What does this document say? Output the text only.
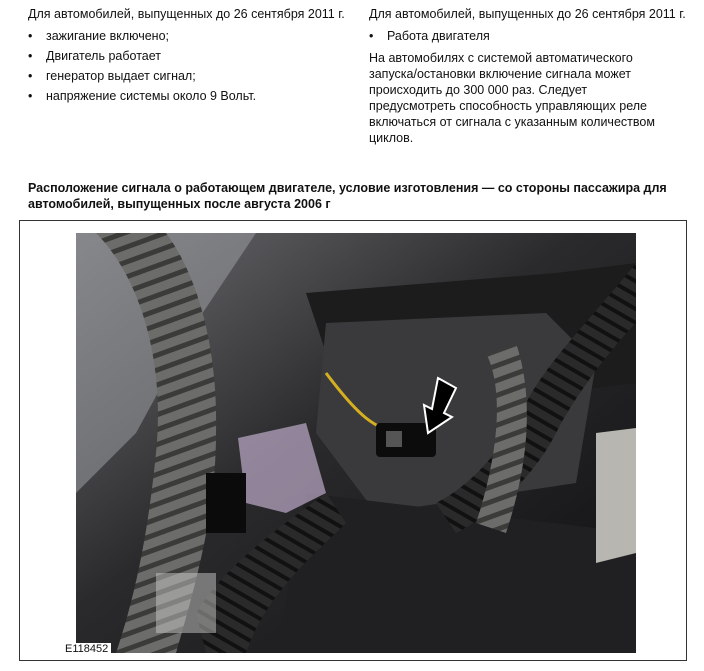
Для автомобилей, выпущенных до 26 сентября 2011 г.
• зажигание включено;
• Двигатель работает
• генератор выдает сигнал;
• напряжение системы около 9 Вольт.
Для автомобилей, выпущенных до 26 сентября 2011 г.
• Работа двигателя

На автомобилях с системой автоматического запуска/остановки включение сигнала может происходить до 300 000 раз. Следует предусмотреть способность управляющих реле включаться от сигнала с указанным количеством циклов.

Расположение сигнала о работающем двигателе, условие изготовления — со стороны пассажира для автомобилей, выпущенных после августа 2006 г
E118452
